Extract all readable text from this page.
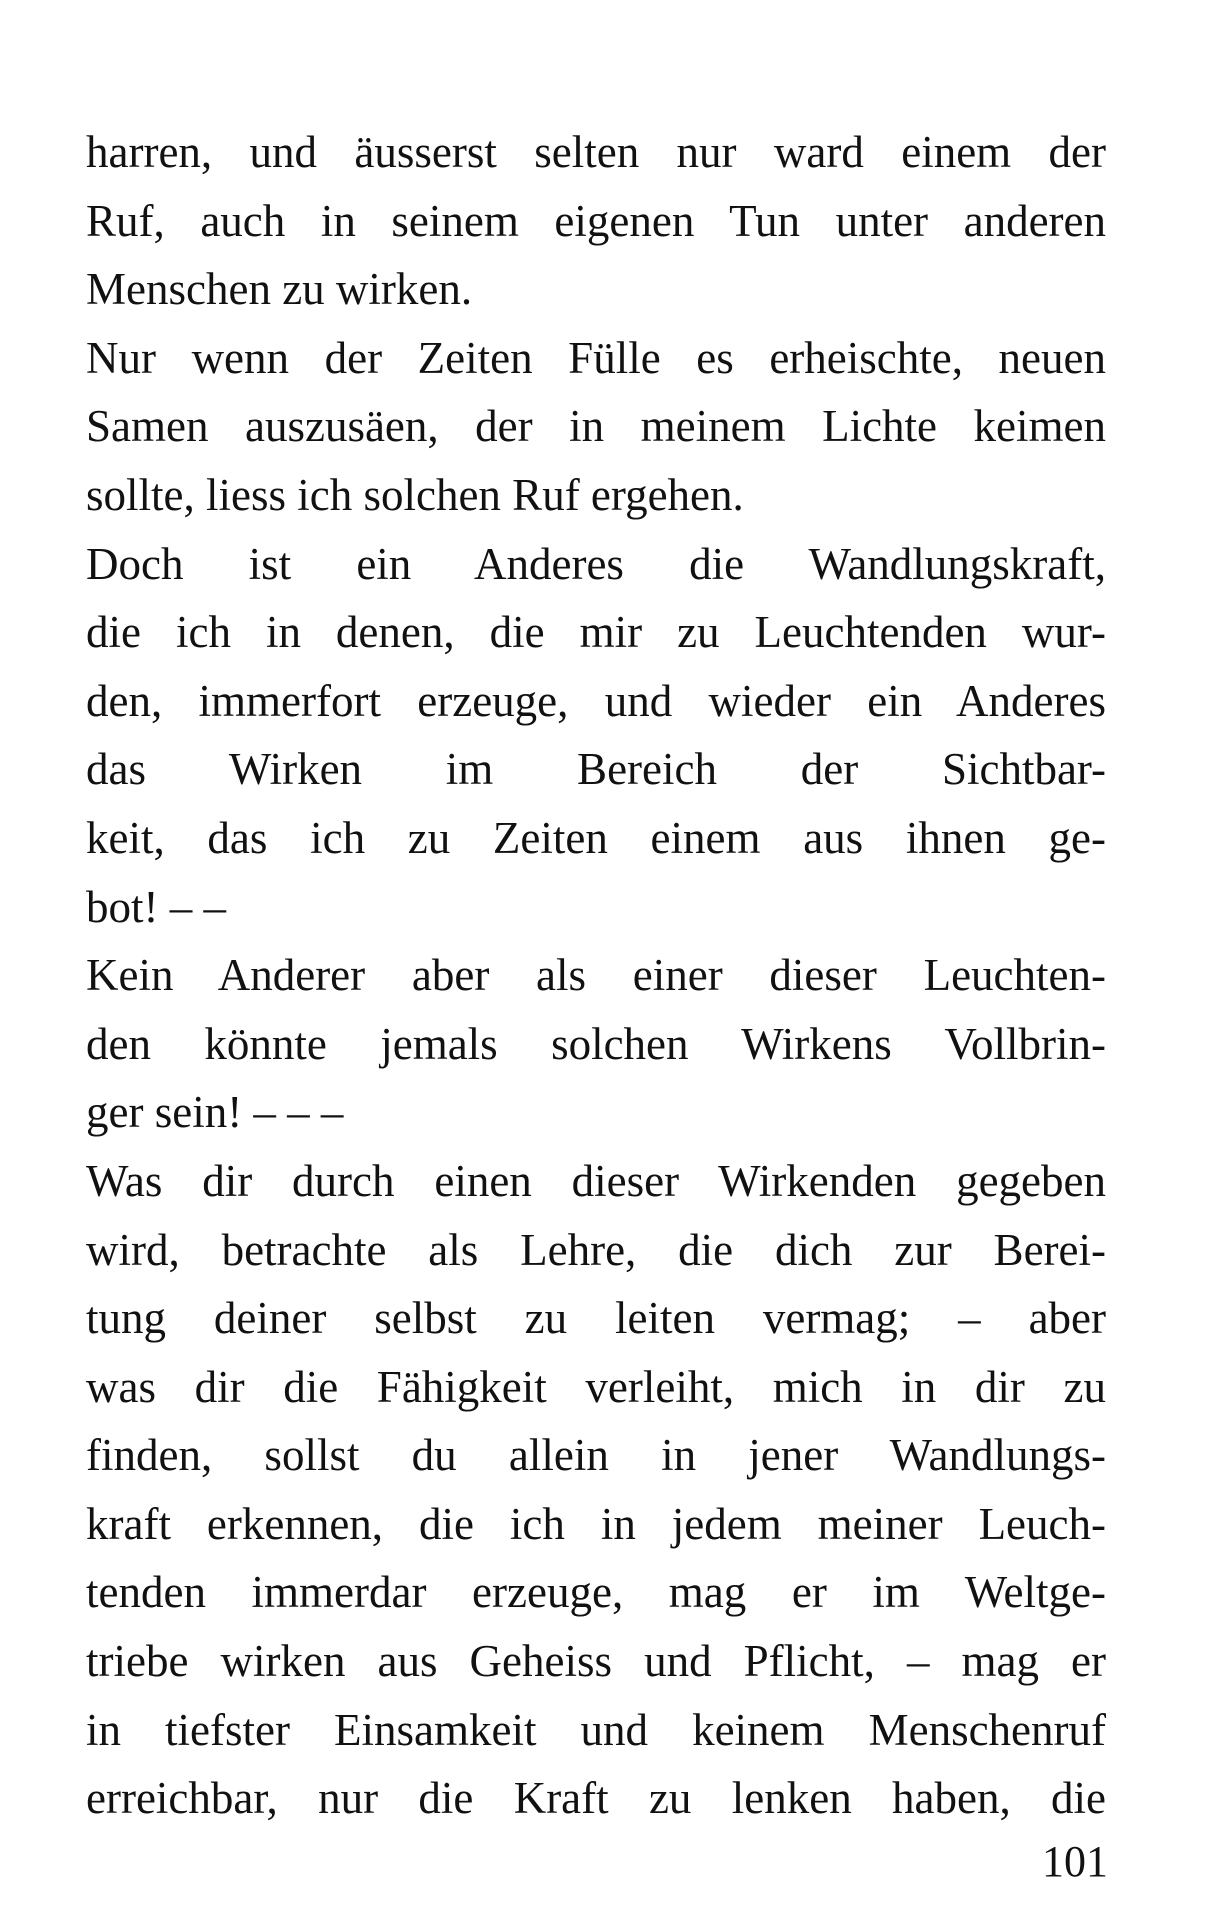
harren, und äusserst selten nur ward einem der
Ruf, auch in seinem eigenen Tun unter anderen
Menschen zu wirken.
Nur wenn der Zeiten Fülle es erheischte, neuen
Samen auszusäen, der in meinem Lichte keimen
sollte, liess ich solchen Ruf ergehen.
Doch ist ein Anderes die Wandlungskraft,
die ich in denen, die mir zu Leuchtenden wur-
den, immerfort erzeuge, und wieder ein Anderes
das Wirken im Bereich der Sichtbar-
keit, das ich zu Zeiten einem aus ihnen ge-
bot! – –
Kein Anderer aber als einer dieser Leuchten-
den könnte jemals solchen Wirkens Vollbrin-
ger sein! – – –
Was dir durch einen dieser Wirkenden gegeben
wird, betrachte als Lehre, die dich zur Berei-
tung deiner selbst zu leiten vermag; – aber
was dir die Fähigkeit verleiht, mich in dir zu
finden, sollst du allein in jener Wandlungs-
kraft erkennen, die ich in jedem meiner Leuch-
tenden immerdar erzeuge, mag er im Weltge-
triebe wirken aus Geheiss und Pflicht, – mag er
in tiefster Einsamkeit und keinem Menschenruf
erreichbar, nur die Kraft zu lenken haben, die
101
